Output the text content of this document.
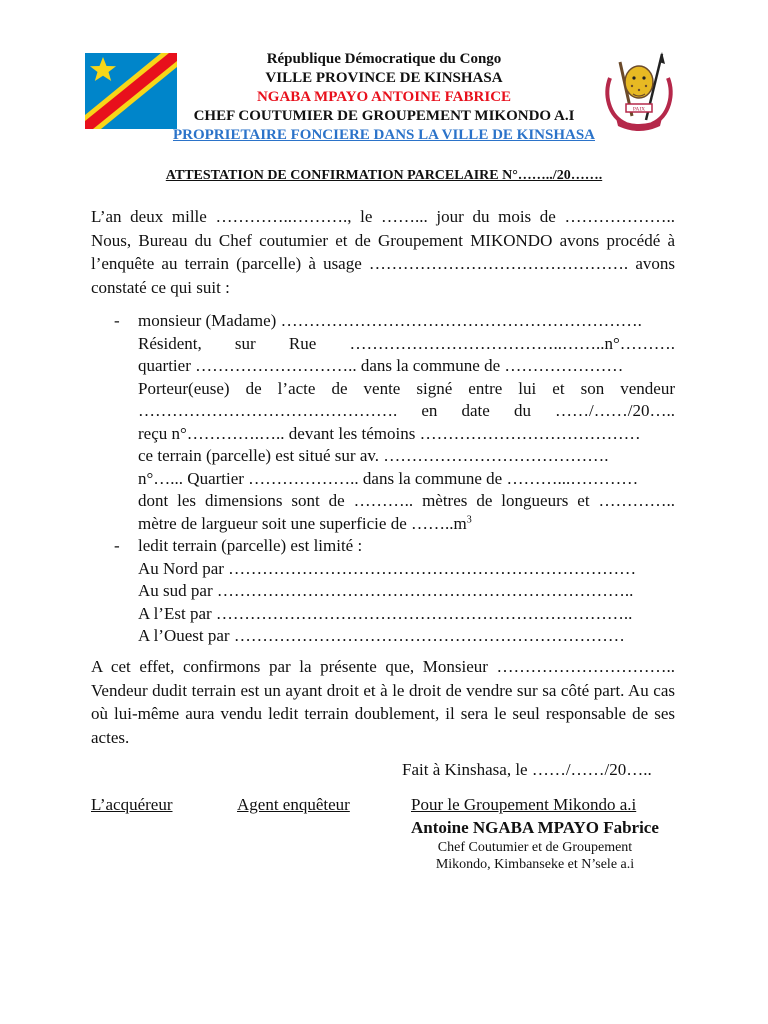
PAIX
République Démocratique du Congo
VILLE PROVINCE DE KINSHASA
NGABA MPAYO ANTOINE FABRICE
CHEF COUTUMIER DE GROUPEMENT MIKONDO A.I
PROPRIETAIRE FONCIERE DANS LA VILLE DE KINSHASA
ATTESTATION DE CONFIRMATION PARCELAIRE N°……../20…….
L’an deux mille …………..………., le ……... jour du mois de ……………….. Nous, Bureau du Chef coutumier et de Groupement MIKONDO avons procédé à l’enquête au terrain (parcelle) à usage ………………………………………. avons constaté ce qui suit :
- monsieur (Madame) ……………………………………………………….
Résident, sur Rue ………………………………..……..n°……….
quartier ……………………….. dans la commune de …………………
Porteur(euse) de l’acte de vente signé entre lui et son vendeur
………………………………………. en date du ……/……/20…..
reçu n°………….….. devant les témoins …………………………………
ce terrain (parcelle) est situé sur av. ………………………………….
n°…... Quartier ……………….. dans la commune de ………...…………
dont les dimensions sont de ……….. mètres de longueurs et …………..
mètre de largueur soit une superficie de $\dots\dots..m^3$
- ledit terrain (parcelle) est limité :
Au Nord par ………………………………………………………………
Au sud par ………………………………………………………………..
A l’Est par ………………………………………………………………..
A l’Ouest par ……………………………………………………………
A cet effet, confirmons par la présente que, Monsieur ………………………….. Vendeur dudit terrain est un ayant droit et à le droit de vendre sur sa côté part. Au cas où lui-même aura vendu ledit terrain doublement, il sera le seul responsable de ses actes.
Fait à Kinshasa, le ……/……/20…..
L’acquéreur	Agent enquêteur	Pour le Groupement Mikondo a.i
Antoine NGABA MPAYO Fabrice
Chef Coutumier et de Groupement
Mikondo, Kimbanseke et N’sele a.i
